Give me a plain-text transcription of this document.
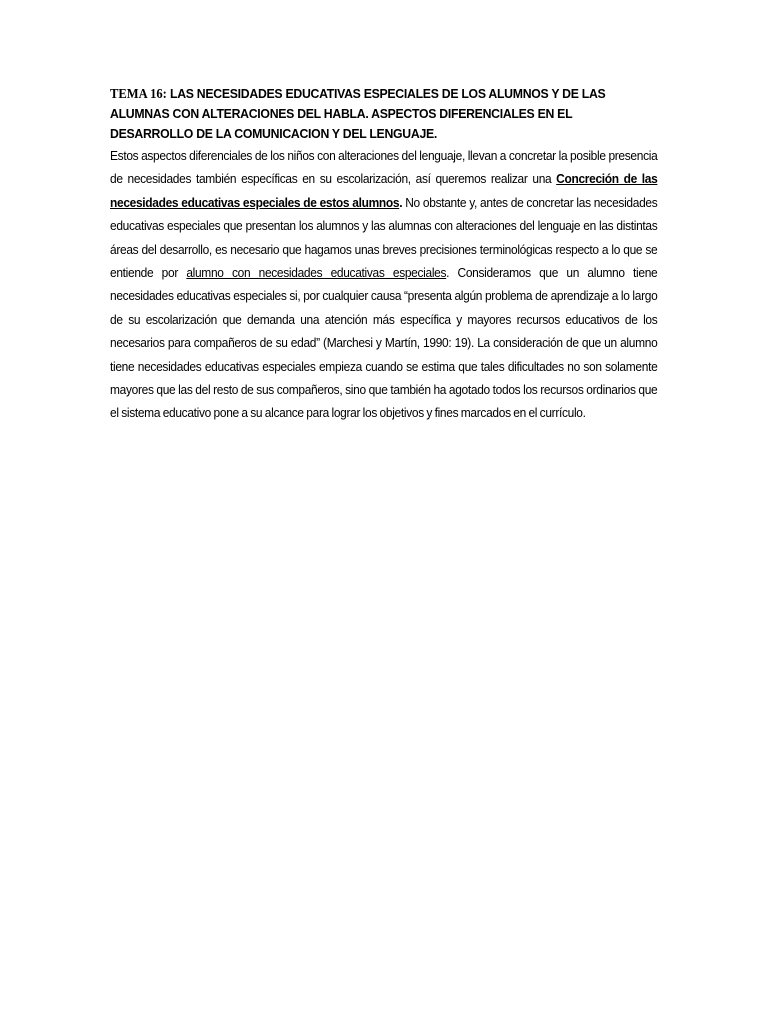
TEMA 16: LAS NECESIDADES EDUCATIVAS ESPECIALES DE LOS ALUMNOS Y DE LAS ALUMNAS CON ALTERACIONES DEL HABLA. ASPECTOS DIFERENCIALES EN EL DESARROLLO DE LA COMUNICACION Y DEL LENGUAJE.

Estos aspectos diferenciales de los niños con alteraciones del lenguaje, llevan a concretar la posible presencia de necesidades también específicas en su escolarización, así queremos realizar una Concreción de las necesidades educativas especiales de estos alumnos. No obstante y, antes de concretar las necesidades educativas especiales que presentan los alumnos y las alumnas con alteraciones del lenguaje en las distintas áreas del desarrollo, es necesario que hagamos unas breves precisiones terminológicas respecto a lo que se entiende por alumno con necesidades educativas especiales. Consideramos que un alumno tiene necesidades educativas especiales si, por cualquier causa “presenta algún problema de aprendizaje a lo largo de su escolarización que demanda una atención más específica y mayores recursos educativos de los necesarios para compañeros de su edad” (Marchesi y Martín, 1990: 19). La consideración de que un alumno tiene necesidades educativas especiales empieza cuando se estima que tales dificultades no son solamente mayores que las del resto de sus compañeros, sino que también ha agotado todos los recursos ordinarios que el sistema educativo pone a su alcance para lograr los objetivos y fines marcados en el currículo.
